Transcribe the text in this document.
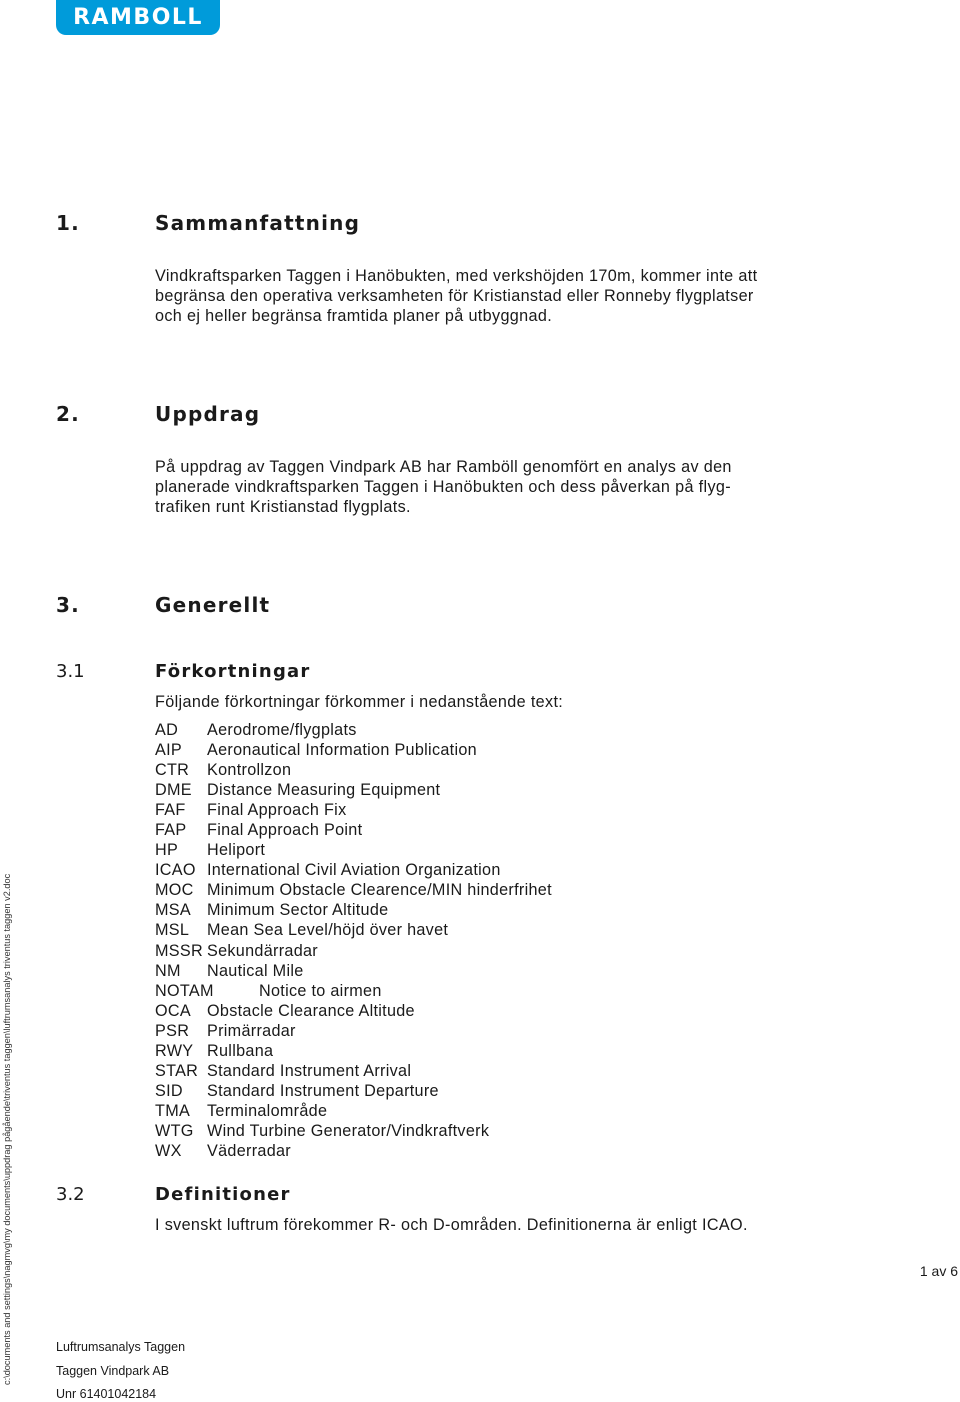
RAMBOLL
1.	Sammanfattning
Vindkraftsparken Taggen i Hanöbukten, med verkshöjden 170m, kommer inte att
begränsa den operativa verksamheten för Kristianstad eller Ronneby flygplatser
och ej heller begränsa framtida planer på utbyggnad.
2.	Uppdrag
På uppdrag av Taggen Vindpark AB har Ramböll genomfört en analys av den
planerade vindkraftsparken Taggen i Hanöbukten och dess påverkan på flyg-
trafiken runt Kristianstad flygplats.
3.	Generellt
3.1	Förkortningar
Följande förkortningar förkommer i nedanstående text:
AD Aerodrome/flygplats
AIP Aeronautical Information Publication
CTR Kontrollzon
DME Distance Measuring Equipment
FAF Final Approach Fix
FAP Final Approach Point
HP Heliport
ICAO International Civil Aviation Organization
MOC Minimum Obstacle Clearence/MIN hinderfrihet
MSA Minimum Sector Altitude
MSL Mean Sea Level/höjd över havet
MSSR Sekundärradar
NM Nautical Mile
NOTAM	Notice to airmen
OCA Obstacle Clearance Altitude
PSR Primärradar
RWY Rullbana
STAR Standard Instrument Arrival
SID Standard Instrument Departure
TMA Terminalområde
WTG Wind Turbine Generator/Vindkraftverk
WX Väderradar
3.2	Definitioner
I svenskt luftrum förekommer R- och D-områden. Definitionerna är enligt ICAO.
1 av 6
Luftrumsanalys Taggen
Taggen Vindpark AB
Unr 61401042184
c:\documents and settings\nagmvg\my documents\uppdrag pågående\triventus taggen\luftrumsanalys triventus taggen v2.doc
